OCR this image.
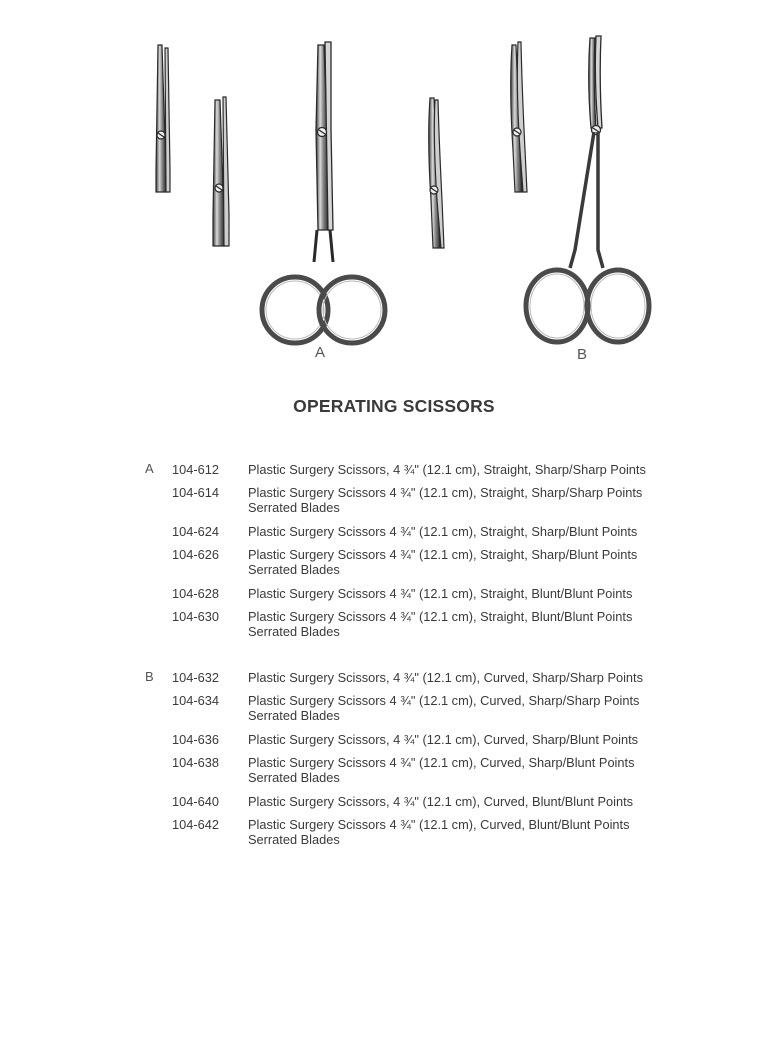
A	B
OPERATING SCISSORS
A 104-612 Plastic Surgery Scissors, 4 ¾" (12.1 cm), Straight, Sharp/Sharp Points
104-614 Plastic Surgery Scissors 4 ¾" (12.1 cm), Straight, Sharp/Sharp Points
Serrated Blades
104-624 Plastic Surgery Scissors 4 ¾" (12.1 cm), Straight, Sharp/Blunt Points
104-626 Plastic Surgery Scissors 4 ¾" (12.1 cm), Straight, Sharp/Blunt Points
Serrated Blades
104-628 Plastic Surgery Scissors 4 ¾" (12.1 cm), Straight, Blunt/Blunt Points
104-630 Plastic Surgery Scissors 4 ¾" (12.1 cm), Straight, Blunt/Blunt Points
Serrated Blades
B 104-632 Plastic Surgery Scissors, 4 ¾" (12.1 cm), Curved, Sharp/Sharp Points
104-634 Plastic Surgery Scissors 4 ¾" (12.1 cm), Curved, Sharp/Sharp Points
Serrated Blades
104-636 Plastic Surgery Scissors, 4 ¾" (12.1 cm), Curved, Sharp/Blunt Points
104-638 Plastic Surgery Scissors 4 ¾" (12.1 cm), Curved, Sharp/Blunt Points
Serrated Blades
104-640 Plastic Surgery Scissors, 4 ¾" (12.1 cm), Curved, Blunt/Blunt Points
104-642 Plastic Surgery Scissors 4 ¾" (12.1 cm), Curved, Blunt/Blunt Points
Serrated Blades
